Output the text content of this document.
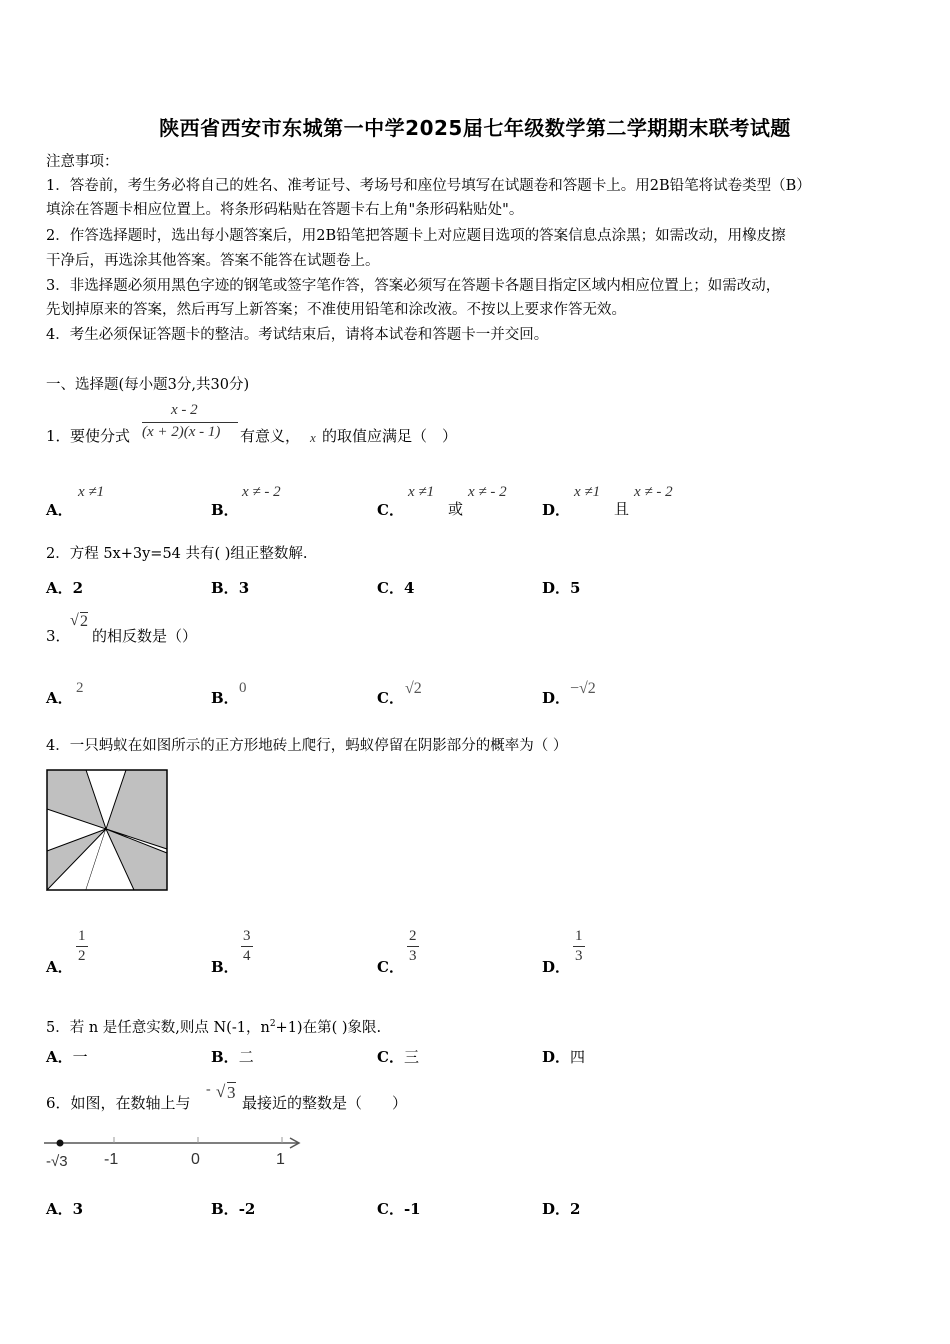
陕西省西安市东城第一中学2025届七年级数学第二学期期末联考试题
注意事项：
1．答卷前，考生务必将自己的姓名、准考证号、考场号和座位号填写在试题卷和答题卡上。用2B铅笔将试卷类型（B）
填涂在答题卡相应位置上。将条形码粘贴在答题卡右上角"条形码粘贴处"。
2．作答选择题时，选出每小题答案后，用2B铅笔把答题卡上对应题目选项的答案信息点涂黑；如需改动，用橡皮擦
干净后，再选涂其他答案。答案不能答在试题卷上。
3．非选择题必须用黑色字迹的钢笔或签字笔作答，答案必须写在答题卡各题目指定区域内相应位置上；如需改动，
先划掉原来的答案，然后再写上新答案；不准使用铅笔和涂改液。不按以上要求作答无效。
4．考生必须保证答题卡的整洁。考试结束后，请将本试卷和答题卡一并交回。
一、选择题(每小题3分,共30分)
1． 要使分式
x - 2
(x + 2)(x - 1) 有意义， x 的取值应满足（　）
A．
x ≠1
B．
x ≠ - 2
C．
x ≠1
或
x ≠ - 2
D．
x ≠1
且
x ≠ - 2
2．方程 5x+3y=54 共有( )组正整数解.
A．2	B．3	C．4	D．5
3．
√ 2
的相反数是（）
A．
2
B．
0
C．
√2
D．
−√2
4．一只蚂蚁在如图所示的正方形地砖上爬行，蚂蚁停留在阴影部分的概率为（ ）
A．
$\frac{1}{2}$
B．
$\frac{3}{4}$
C．
$\frac{2}{3}$
D．
$\frac{1}{3}$
5．若 n 是任意实数,则点 N(-1，$n^2+1$)在第( )象限.
A．一	B．二	C．三	D．四
6．如图，在数轴上与
- √ 3
最接近的整数是（　　）
-√3 -1	0	1
A．3	B．-2	C．-1	D．2
